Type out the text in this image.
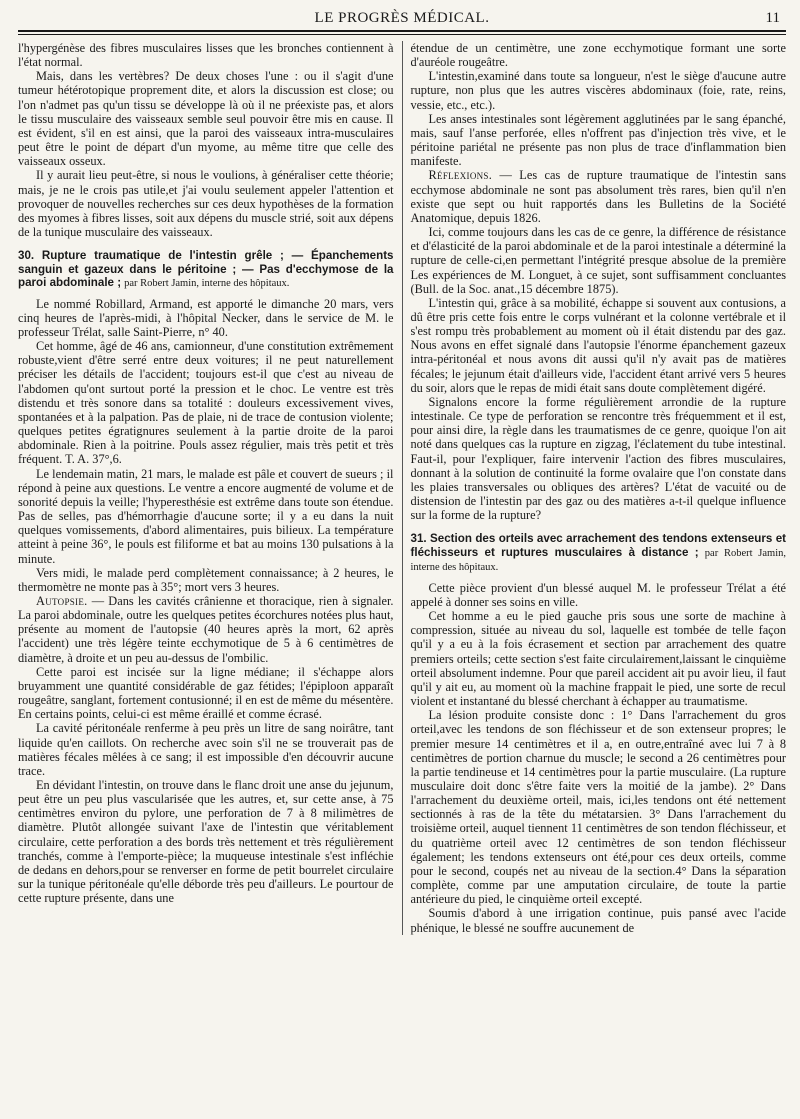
LE PROGRÈS MÉDICAL.	11

l'hypergénèse des fibres musculaires lisses que les bronches contiennent à l'état normal.

Mais, dans les vertèbres? De deux choses l'une : ou il s'agit d'une tumeur hétérotopique proprement dite, et alors la discussion est close; ou l'on n'admet pas qu'un tissu se développe là où il ne préexiste pas, et alors le tissu musculaire des vaisseaux semble seul pouvoir être mis en cause. Il est évident, s'il en est ainsi, que la paroi des vaisseaux intra-musculaires peut être le point de départ d'un myome, au même titre que celle des vaisseaux osseux.

Il y aurait lieu peut-être, si nous le voulions, à généraliser cette théorie; mais, je ne le crois pas utile,et j'ai voulu seulement appeler l'attention et provoquer de nouvelles recherches sur ces deux hypothèses de la formation des myomes à fibres lisses, soit aux dépens du muscle strié, soit aux dépens de la tunique musculaire des vaisseaux.

30. Rupture traumatique de l'intestin grêle ; — Épanchements sanguin et gazeux dans le péritoine ; — Pas d'ecchymose de la paroi abdominale ; par Robert Jamin, interne des hôpitaux.

Le nommé Robillard, Armand, est apporté le dimanche 20 mars, vers cinq heures de l'après-midi, à l'hôpital Necker, dans le service de M. le professeur Trélat, salle Saint-Pierre, n° 40.

Cet homme, âgé de 46 ans, camionneur, d'une constitution extrêmement robuste,vient d'être serré entre deux voitures; il ne peut naturellement préciser les détails de l'accident; toujours est-il que c'est au niveau de l'abdomen qu'ont surtout porté la pression et le choc. Le ventre est très distendu et très sonore dans sa totalité : douleurs excessivement vives, spontanées et à la palpation. Pas de plaie, ni de trace de contusion violente; quelques petites égratignures seulement à la partie droite de la paroi abdominale. Rien à la poitrine. Pouls assez régulier, mais très petit et très fréquent. T. A. 37°,6.

Le lendemain matin, 21 mars, le malade est pâle et couvert de sueurs ; il répond à peine aux questions. Le ventre a encore augmenté de volume et de sonorité depuis la veille; l'hyperesthésie est extrême dans toute son étendue. Pas de selles, pas d'hémorrhagie d'aucune sorte; il y a eu dans la nuit quelques vomissements, d'abord alimentaires, puis bilieux. La température atteint à peine 36°, le pouls est filiforme et bat au moins 130 pulsations à la minute.

Vers midi, le malade perd complètement connaissance; à 2 heures, le thermomètre ne monte pas à 35°; mort vers 3 heures.

Autopsie. — Dans les cavités crânienne et thoracique, rien à signaler. La paroi abdominale, outre les quelques petites écorchures notées plus haut, présente au moment de l'autopsie (40 heures après la mort, 62 après l'accident) une très légère teinte ecchymotique de 5 à 6 centimètres de diamètre, à droite et un peu au-dessus de l'ombilic.

Cette paroi est incisée sur la ligne médiane; il s'échappe alors bruyamment une quantité considérable de gaz fétides; l'épiploon apparaît rougeâtre, sanglant, fortement contusionné; il en est de même du mésentère. En certains points, celui-ci est même éraillé et comme écrasé.

La cavité péritonéale renferme à peu près un litre de sang noirâtre, tant liquide qu'en caillots. On recherche avec soin s'il ne se trouverait pas de matières fécales mêlées à ce sang; il est impossible d'en découvrir aucune trace.

En dévidant l'intestin, on trouve dans le flanc droit une anse du jejunum, peut être un peu plus vascularisée que les autres, et, sur cette anse, à 75 centimètres environ du pylore, une perforation de 7 à 8 milimètres de diamètre. Plutôt allongée suivant l'axe de l'intestin que véritablement circulaire, cette perforation a des bords très nettement et très régulièrement tranchés, comme à l'emporte-pièce; la muqueuse intestinale s'est infléchie de dedans en dehors,pour se renverser en forme de petit bourrelet circulaire sur la tunique péritonéale qu'elle déborde très peu d'ailleurs. Le pourtour de cette rupture présente, dans une

étendue de un centimètre, une zone ecchymotique formant une sorte d'auréole rougeâtre.

L'intestin,examiné dans toute sa longueur, n'est le siège d'aucune autre rupture, non plus que les autres viscères abdominaux (foie, rate, reins, vessie, etc., etc.).

Les anses intestinales sont légèrement agglutinées par le sang épanché, mais, sauf l'anse perforée, elles n'offrent pas d'injection très vive, et le péritoine pariétal ne présente pas non plus de trace d'inflammation bien manifeste.

Réflexions. — Les cas de rupture traumatique de l'intestin sans ecchymose abdominale ne sont pas absolument très rares, bien qu'il n'en existe que sept ou huit rapportés dans les Bulletins de la Société Anatomique, depuis 1826.

Ici, comme toujours dans les cas de ce genre, la différence de résistance et d'élasticité de la paroi abdominale et de la paroi intestinale a déterminé la rupture de celle-ci,en permettant l'intégrité presque absolue de la première Les expériences de M. Longuet, à ce sujet, sont suffisamment concluantes (Bull. de la Soc. anat.,15 décembre 1875).

L'intestin qui, grâce à sa mobilité, échappe si souvent aux contusions, a dû être pris cette fois entre le corps vulnérant et la colonne vertébrale et il s'est rompu très probablement au moment où il était distendu par des gaz. Nous avons en effet signalé dans l'autopsie l'énorme épanchement gazeux intra-péritonéal et nous avons dit aussi qu'il n'y avait pas de matières fécales; le jejunum était d'ailleurs vide, l'accident étant arrivé vers 5 heures du soir, alors que le repas de midi était sans doute complètement digéré.

Signalons encore la forme régulièrement arrondie de la rupture intestinale. Ce type de perforation se rencontre très fréquemment et il est, pour ainsi dire, la règle dans les traumatismes de ce genre, quoique l'on ait noté dans quelques cas la rupture en zigzag, l'éclatement du tube intestinal. Faut-il, pour l'expliquer, faire intervenir l'action des fibres musculaires, donnant à la solution de continuité la forme ovalaire que l'on constate dans les plaies transversales ou obliques des artères? L'état de vacuité ou de distension de l'intestin par des gaz ou des matières a-t-il quelque influence sur la forme de la rupture?

31. Section des orteils avec arrachement des tendons extenseurs et fléchisseurs et ruptures musculaires à distance ; par Robert Jamin, interne des hôpitaux.

Cette pièce provient d'un blessé auquel M. le professeur Trélat a été appelé à donner ses soins en ville.

Cet homme a eu le pied gauche pris sous une sorte de machine à compression, située au niveau du sol, laquelle est tombée de telle façon qu'il y a eu à la fois écrasement et section par arrachement des quatre premiers orteils; cette section s'est faite circulairement,laissant le cinquième orteil absolument indemne. Pour que pareil accident ait pu avoir lieu, il faut qu'il y ait eu, au moment où la machine frappait le pied, une sorte de recul violent et instantané du blessé cherchant à échapper au traumatisme.

La lésion produite consiste donc : 1° Dans l'arrachement du gros orteil,avec les tendons de son fléchisseur et de son extenseur propres; le premier mesure 14 centimètres et il a, en outre,entraîné avec lui 7 à 8 centimètres de portion charnue du muscle; le second a 26 centimètres pour la partie tendineuse et 14 centimètres pour la partie musculaire. (La rupture musculaire doit donc s'être faite vers la moitié de la jambe). 2° Dans l'arrachement du deuxième orteil, mais, ici,les tendons ont été nettement sectionnés à ras de la tête du métatarsien. 3° Dans l'arrachement du troisième orteil, auquel tiennent 11 centimètres de son tendon fléchisseur, et du quatrième orteil avec 12 centimètres de son tendon fléchisseur également; les tendons extenseurs ont été,pour ces deux orteils, comme pour le second, coupés net au niveau de la section.4° Dans la séparation complète, comme par une amputation circulaire, de toute la partie antérieure du pied, le cinquième orteil excepté.

Soumis d'abord à une irrigation continue, puis pansé avec l'acide phénique, le blessé ne souffre aucunement de
